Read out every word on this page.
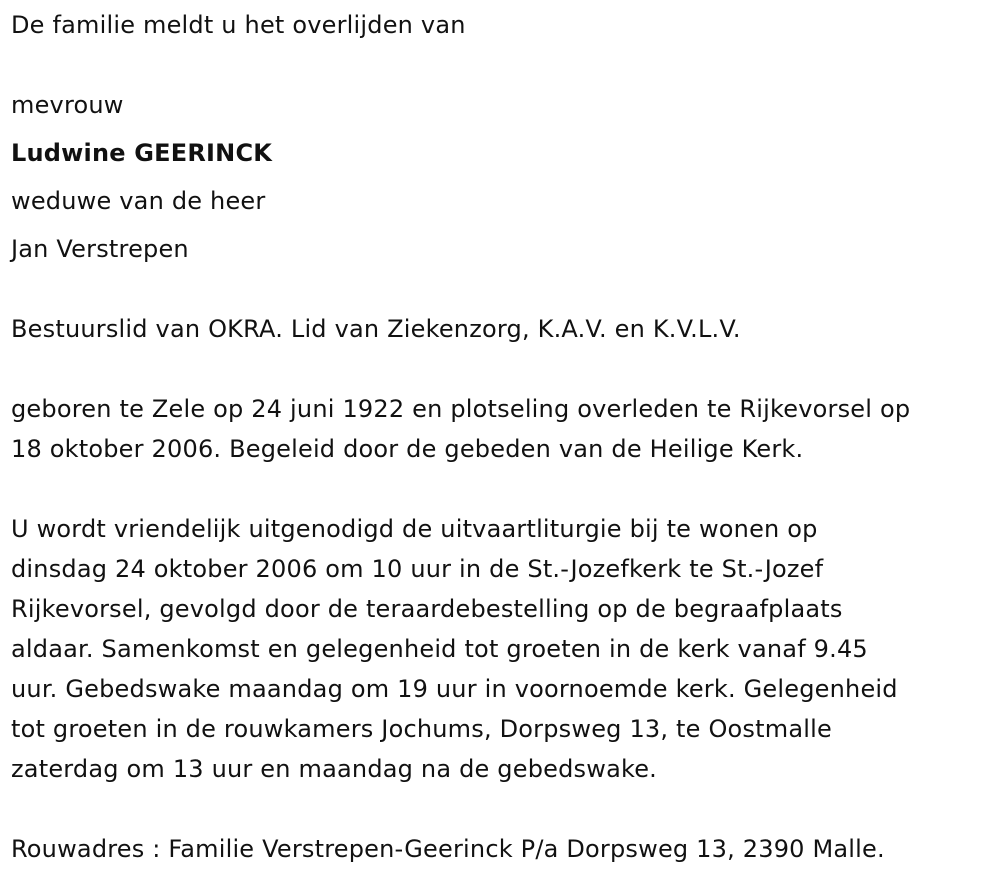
De familie meldt u het overlijden van
mevrouw
Ludwine GEERINCK
weduwe van de heer
Jan Verstrepen
Bestuurslid van OKRA. Lid van Ziekenzorg, K.A.V. en K.V.L.V.
geboren te Zele op 24 juni 1922 en plotseling overleden te Rijkevorsel op
18 oktober 2006. Begeleid door de gebeden van de Heilige Kerk.
U wordt vriendelijk uitgenodigd de uitvaartliturgie bij te wonen op
dinsdag 24 oktober 2006 om 10 uur in de St.-Jozefkerk te St.-Jozef
Rijkevorsel, gevolgd door de teraardebestelling op de begraafplaats
aldaar. Samenkomst en gelegenheid tot groeten in de kerk vanaf 9.45
uur. Gebedswake maandag om 19 uur in voornoemde kerk. Gelegenheid
tot groeten in de rouwkamers Jochums, Dorpsweg 13, te Oostmalle
zaterdag om 13 uur en maandag na de gebedswake.
Rouwadres : Familie Verstrepen-Geerinck P/a Dorpsweg 13, 2390 Malle.
